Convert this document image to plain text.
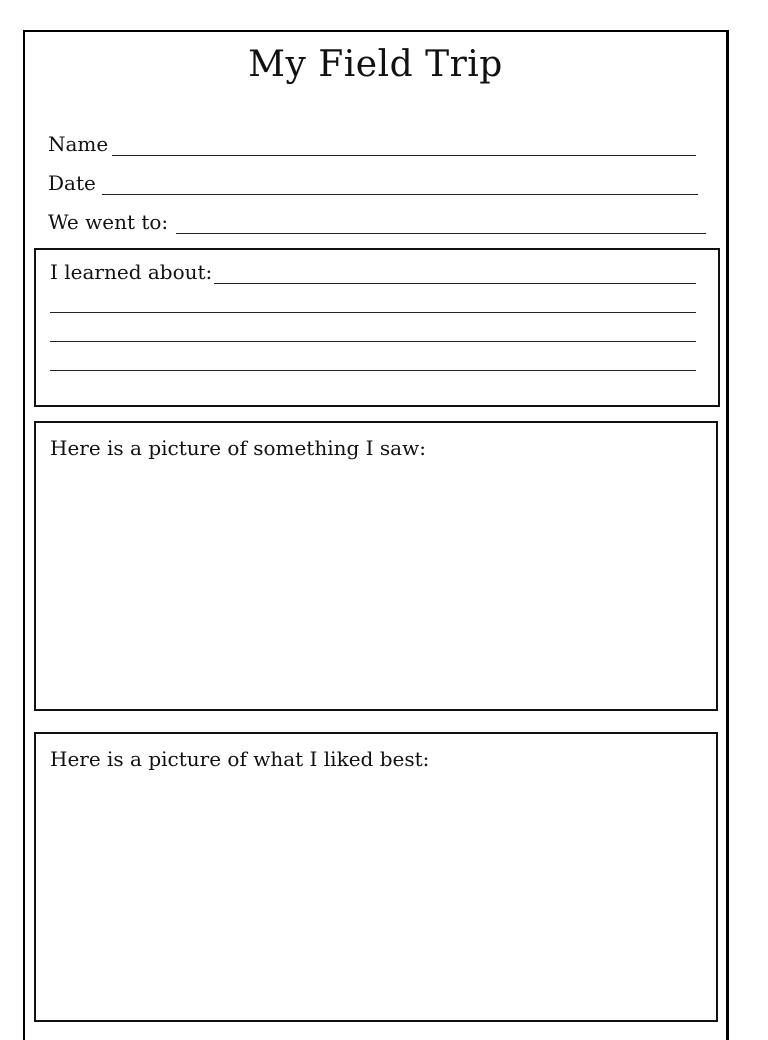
My Field Trip
Name
Date
We went to:
I learned about:
Here is a picture of something I saw:
Here is a picture of what I liked best:
